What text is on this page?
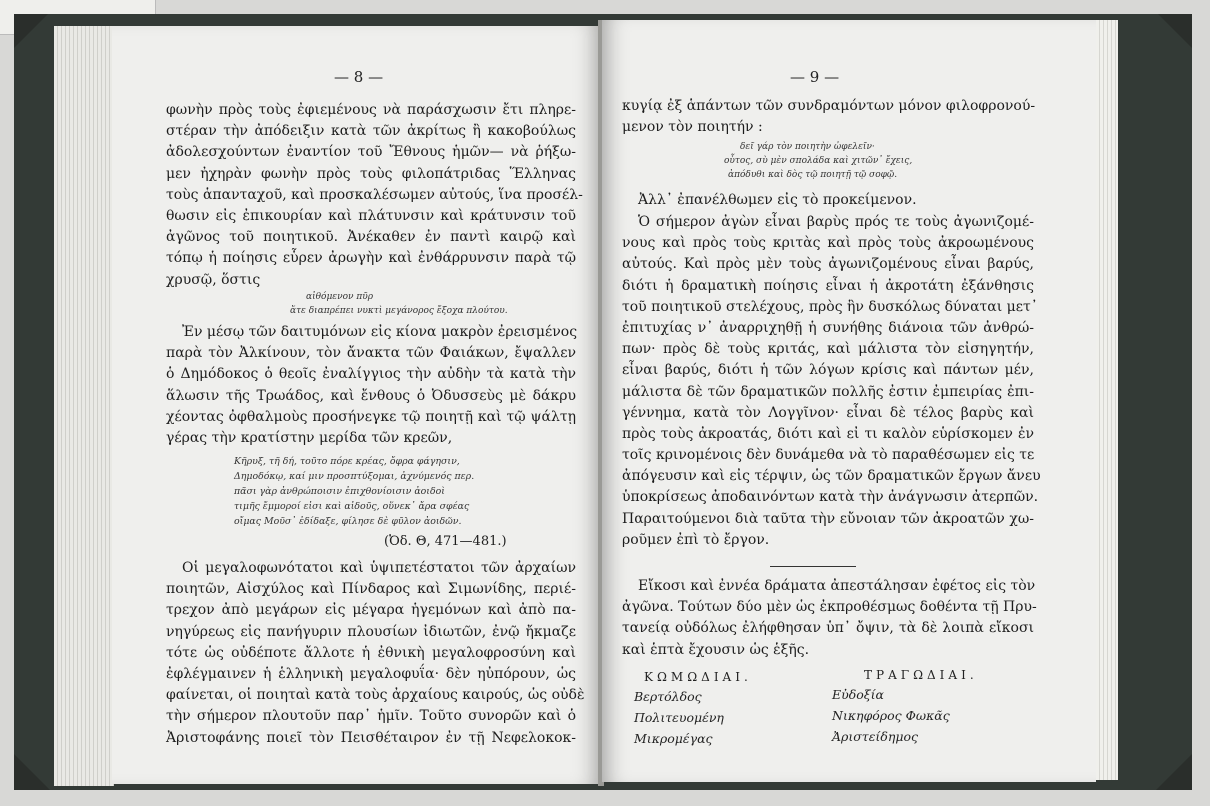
— 8 —
φωνὴν πρὸς τοὺς ἐφιεμένους νὰ παράσχωσιν ἔτι πληρε-
στέραν τὴν ἀπόδειξιν κατὰ τῶν ἀκρίτως ἢ κακοβούλως
ἀδολεσχούντων ἐναντίον τοῦ Ἔθνους ἡμῶν— νὰ ῥήξω-
μεν ἠχηρὰν φωνὴν πρὸς τοὺς φιλοπάτριδας Ἕλληνας
τοὺς ἁπανταχοῦ, καὶ προσκαλέσωμεν αὐτούς, ἵνα προσέλ-
θωσιν εἰς ἐπικουρίαν καὶ πλάτυνσιν καὶ κράτυνσιν τοῦ
ἀγῶνος τοῦ ποιητικοῦ. Ἀνέκαθεν ἐν παντὶ καιρῷ καὶ
τόπῳ ἡ ποίησις εὗρεν ἀρωγὴν καὶ ἐνθάρρυνσιν παρὰ τῷ
χρυσῷ, ὅστις
αἰθόμενον πῦρ
ἅτε διαπρέπει νυκτὶ μεγάνορος ἔξοχα πλούτου.
Ἐν μέσῳ τῶν δαιτυμόνων εἰς κίονα μακρὸν ἐρεισμένος
παρὰ τὸν Ἀλκίνουν, τὸν ἄνακτα τῶν Φαιάκων, ἔψαλλεν
ὁ Δημόδοκος ὁ θεοῖς ἐναλίγγιος τὴν αὐδὴν τὰ κατὰ τὴν
ἅλωσιν τῆς Τρωάδος, καὶ ἔνθους ὁ Ὀδυσσεὺς μὲ δάκρυ
χέοντας ὀφθαλμοὺς προσήνεγκε τῷ ποιητῇ καὶ τῷ ψάλτῃ
γέρας τὴν κρατίστην μερίδα τῶν κρεῶν,
Κῆρυξ, τῆ δή, τοῦτο πόρε κρέας, ὄφρα φάγησιν,
Δημοδόκῳ, καί μιν προσπτύξομαι, ἀχνύμενός περ.
πᾶσι γὰρ ἀνθρώποισιν ἐπιχθονίοισιν ἀοιδοὶ
τιμῆς ἔμμοροί εἰσι καὶ αἰδοῦς, οὕνεκ᾽ ἄρα σφέας
οἴμας Μοῦσ᾽ ἐδίδαξε, φίλησε δὲ φῦλον ἀοιδῶν.
(Ὀδ. Θ, 471—481.)
Οἱ μεγαλοφωνότατοι καὶ ὑψιπετέστατοι τῶν ἀρχαίων
ποιητῶν, Αἰσχύλος καὶ Πίνδαρος καὶ Σιμωνίδης, περιέ-
τρεχον ἀπὸ μεγάρων εἰς μέγαρα ἡγεμόνων καὶ ἀπὸ πα-
νηγύρεως εἰς πανήγυριν πλουσίων ἰδιωτῶν, ἐνῷ ἤκμαζε
τότε ὡς οὐδέποτε ἄλλοτε ἡ ἐθνικὴ μεγαλοφροσύνη καὶ
ἐφλέγμαινεν ἡ ἑλληνικὴ μεγαλοφυΐα· δὲν ηὐπόρουν, ὡς
φαίνεται, οἱ ποιηταὶ κατὰ τοὺς ἀρχαίους καιρούς, ὡς οὐδὲ
τὴν σήμερον πλουτοῦν παρ᾽ ἡμῖν. Τοῦτο συνορῶν καὶ ὁ
Ἀριστοφάνης ποιεῖ τὸν Πεισθέταιρον ἐν τῇ Νεφελοκοκ-
— 9 —
κυγίᾳ ἐξ ἁπάντων τῶν συνδραμόντων μόνον φιλοφρονού-
μενον τὸν ποιητήν :
δεῖ γάρ τὸν ποιητὴν ὠφελεῖν·
οὗτος, σὺ μὲν σπολάδα καὶ χιτῶν᾽ ἔχεις,
ἀπόδυθι καὶ δὸς τῷ ποιητῇ τῷ σοφῷ.
Ἀλλ᾽ ἐπανέλθωμεν εἰς τὸ προκείμενον.
Ὁ σήμερον ἀγὼν εἶναι βαρὺς πρός τε τοὺς ἀγωνιζομέ-
νους καὶ πρὸς τοὺς κριτὰς καὶ πρὸς τοὺς ἀκροωμένους
αὐτούς. Καὶ πρὸς μὲν τοὺς ἀγωνιζομένους εἶναι βαρύς,
διότι ἡ δραματικὴ ποίησις εἶναι ἡ ἀκροτάτη ἐξάνθησις
τοῦ ποιητικοῦ στελέχους, πρὸς ἣν δυσκόλως δύναται μετ᾽
ἐπιτυχίας ν᾽ ἀναρριχηθῇ ἡ συνήθης διάνοια τῶν ἀνθρώ-
πων· πρὸς δὲ τοὺς κριτάς, καὶ μάλιστα τὸν εἰσηγητήν,
εἶναι βαρύς, διότι ἡ τῶν λόγων κρίσις καὶ πάντων μέν,
μάλιστα δὲ τῶν δραματικῶν πολλῆς ἐστιν ἐμπειρίας ἐπι-
γέννημα, κατὰ τὸν Λογγῖνον· εἶναι δὲ τέλος βαρὺς καὶ
πρὸς τοὺς ἀκροατάς, διότι καὶ εἰ τι καλὸν εὑρίσκομεν ἐν
τοῖς κρινομένοις δὲν δυνάμεθα νὰ τὸ παραθέσωμεν εἰς τε
ἀπόγευσιν καὶ εἰς τέρψιν, ὡς τῶν δραματικῶν ἔργων ἄνευ
ὑποκρίσεως ἀποδαινόντων κατὰ τὴν ἀνάγνωσιν ἀτερπῶν.
Παραιτούμενοι διὰ ταῦτα τὴν εὔνοιαν τῶν ἀκροατῶν χω-
ροῦμεν ἐπὶ τὸ ἔργον.
Εἴκοσι καὶ ἐννέα δράματα ἀπεστάλησαν ἐφέτος εἰς τὸν
ἀγῶνα. Τούτων δύο μὲν ὡς ἐκπροθέσμως δοθέντα τῇ Πρυ-
τανείᾳ οὐδόλως ἐλήφθησαν ὑπ᾽ ὄψιν, τὰ δὲ λοιπὰ εἴκοσι
καὶ ἑπτὰ ἔχουσιν ὡς ἑξῆς.
ΚΩΜΩΔΙΑΙ.
Βερτόλδος
Πολιτευομένη
Μικρομέγας
ΤΡΑΓΩΔΙΑΙ.
Εὐδοξία
Νικηφόρος Φωκᾶς
Ἀριστείδημος
